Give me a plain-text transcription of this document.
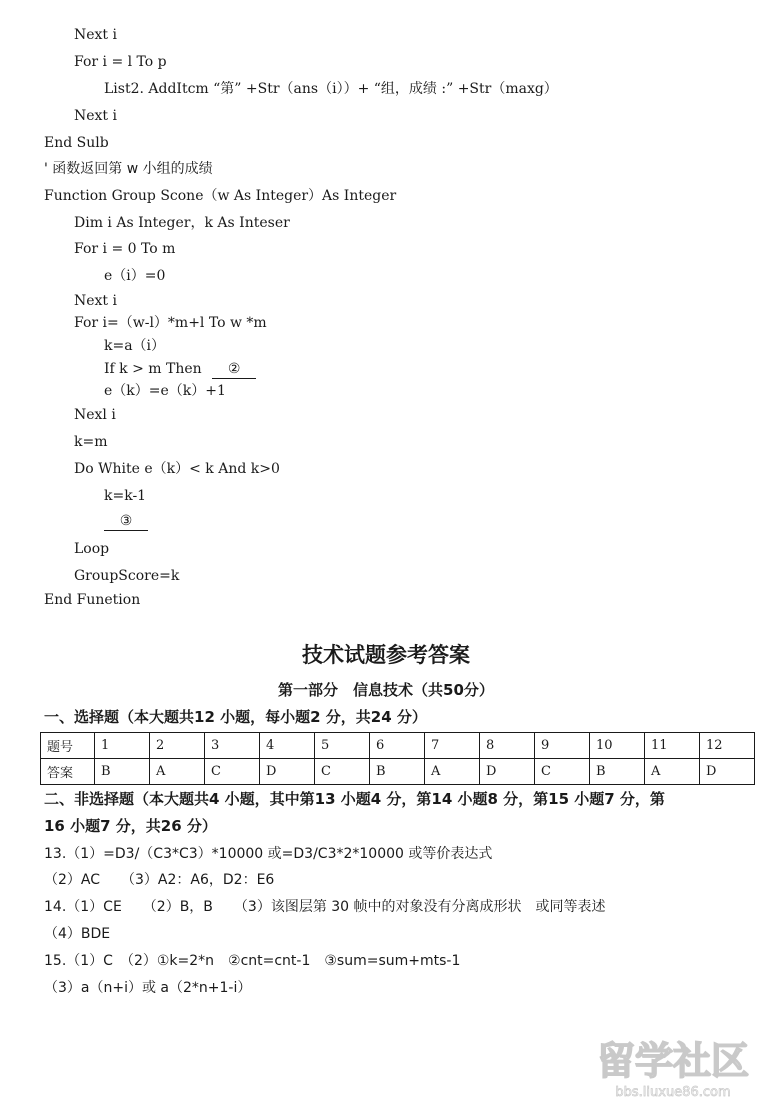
Next i
For i = l To p
List2. AddItcm “第” +Str（ans（i））+ “组，成绩 :” +Str（maxg）
Next i
End Sulb
' 函数返回第 w 小组的成绩
Function Group Scone（w As Integer）As Integer
Dim i As Integer，k As Inteser
For i = 0 To m
e（i）=0
Next i
For i=（w-l）*m+l To w *m
k=a（i）
If k > m Then ②
e（k）=e（k）+1
Nexl i
k=m
Do White e（k）< k And k>0
k=k-1
③
Loop
GroupScore=k
End Funetion
技术试题参考答案
第一部分　信息技术（共50分）
一、选择题（本大题共12 小题，每小题2 分，共24 分）
题号	1	2	3	4	5	6	7	8	9	10	11	12
答案	B	A	C	D	C	B	A	D	C	B	A	D
二、非选择题（本大题共4 小题，其中第13 小题4 分，第14 小题8 分，第15 小题7 分，第
16 小题7 分，共26 分）
13.（1）=D3/（C3*C3）*10000 或=D3/C3*2*10000 或等价表达式
（2）AC　　（3）A2：A6，D2：E6
14.（1）CE　　（2）B，B　　（3）该图层第 30 帧中的对象没有分离成形状　或同等表述
（4）BDE
15.（1）C　（2）①k=2*n　②cnt=cnt-1　③sum=sum+mts-1
（3）a（n+i）或 a（2*n+1-i）
留学社区
bbs.liuxue86.com
